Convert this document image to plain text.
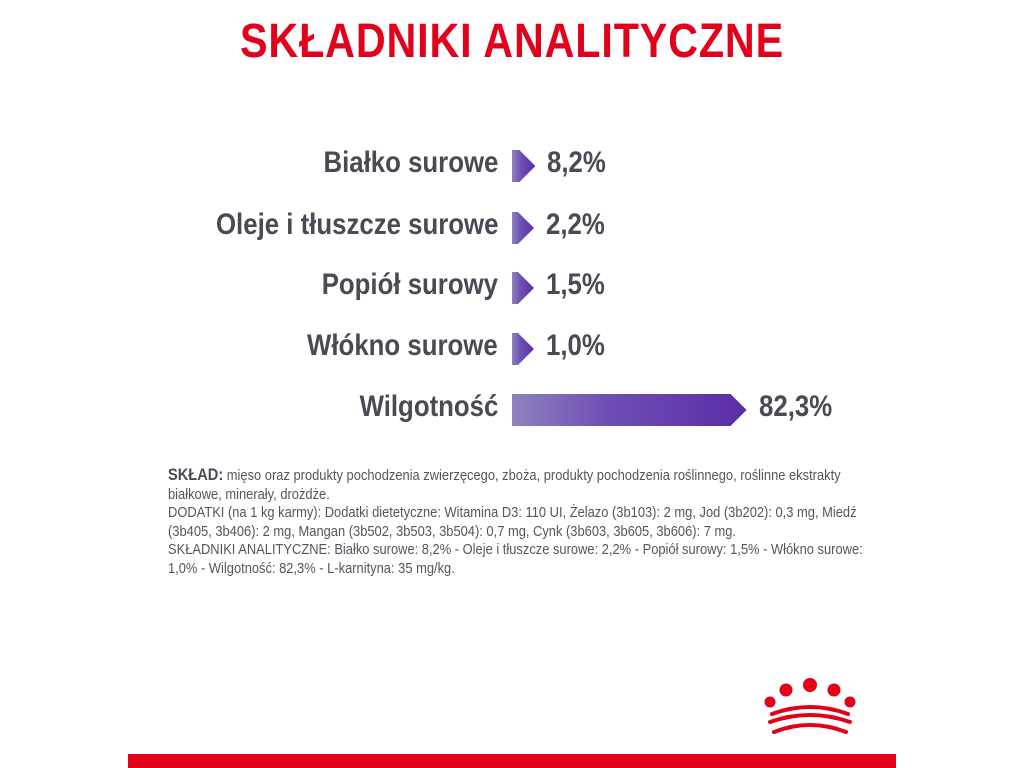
SKŁADNIKI ANALITYCZNE
Białko surowe 8,2%
Oleje i tłuszcze surowe 2,2%
Popiół surowy 1,5%
Włókno surowe 1,0%
Wilgotność	82,3%

SKŁAD: mięso oraz produkty pochodzenia zwierzęcego, zboża, produkty pochodzenia roślinnego, roślinne ekstrakty białkowe, minerały, drożdże.

DODATKI (na 1 kg karmy): Dodatki dietetyczne: Witamina D3: 110 UI, Żelazo (3b103): 2 mg, Jod (3b202): 0,3 mg, Miedź (3b405, 3b406): 2 mg, Mangan (3b502, 3b503, 3b504): 0,7 mg, Cynk (3b603, 3b605, 3b606): 7 mg.

SKŁADNIKI ANALITYCZNE: Białko surowe: 8,2% - Oleje i tłuszcze surowe: 2,2% - Popiół surowy: 1,5% - Włókno surowe: 1,0% - Wilgotność: 82,3% - L-karnityna: 35 mg/kg.
